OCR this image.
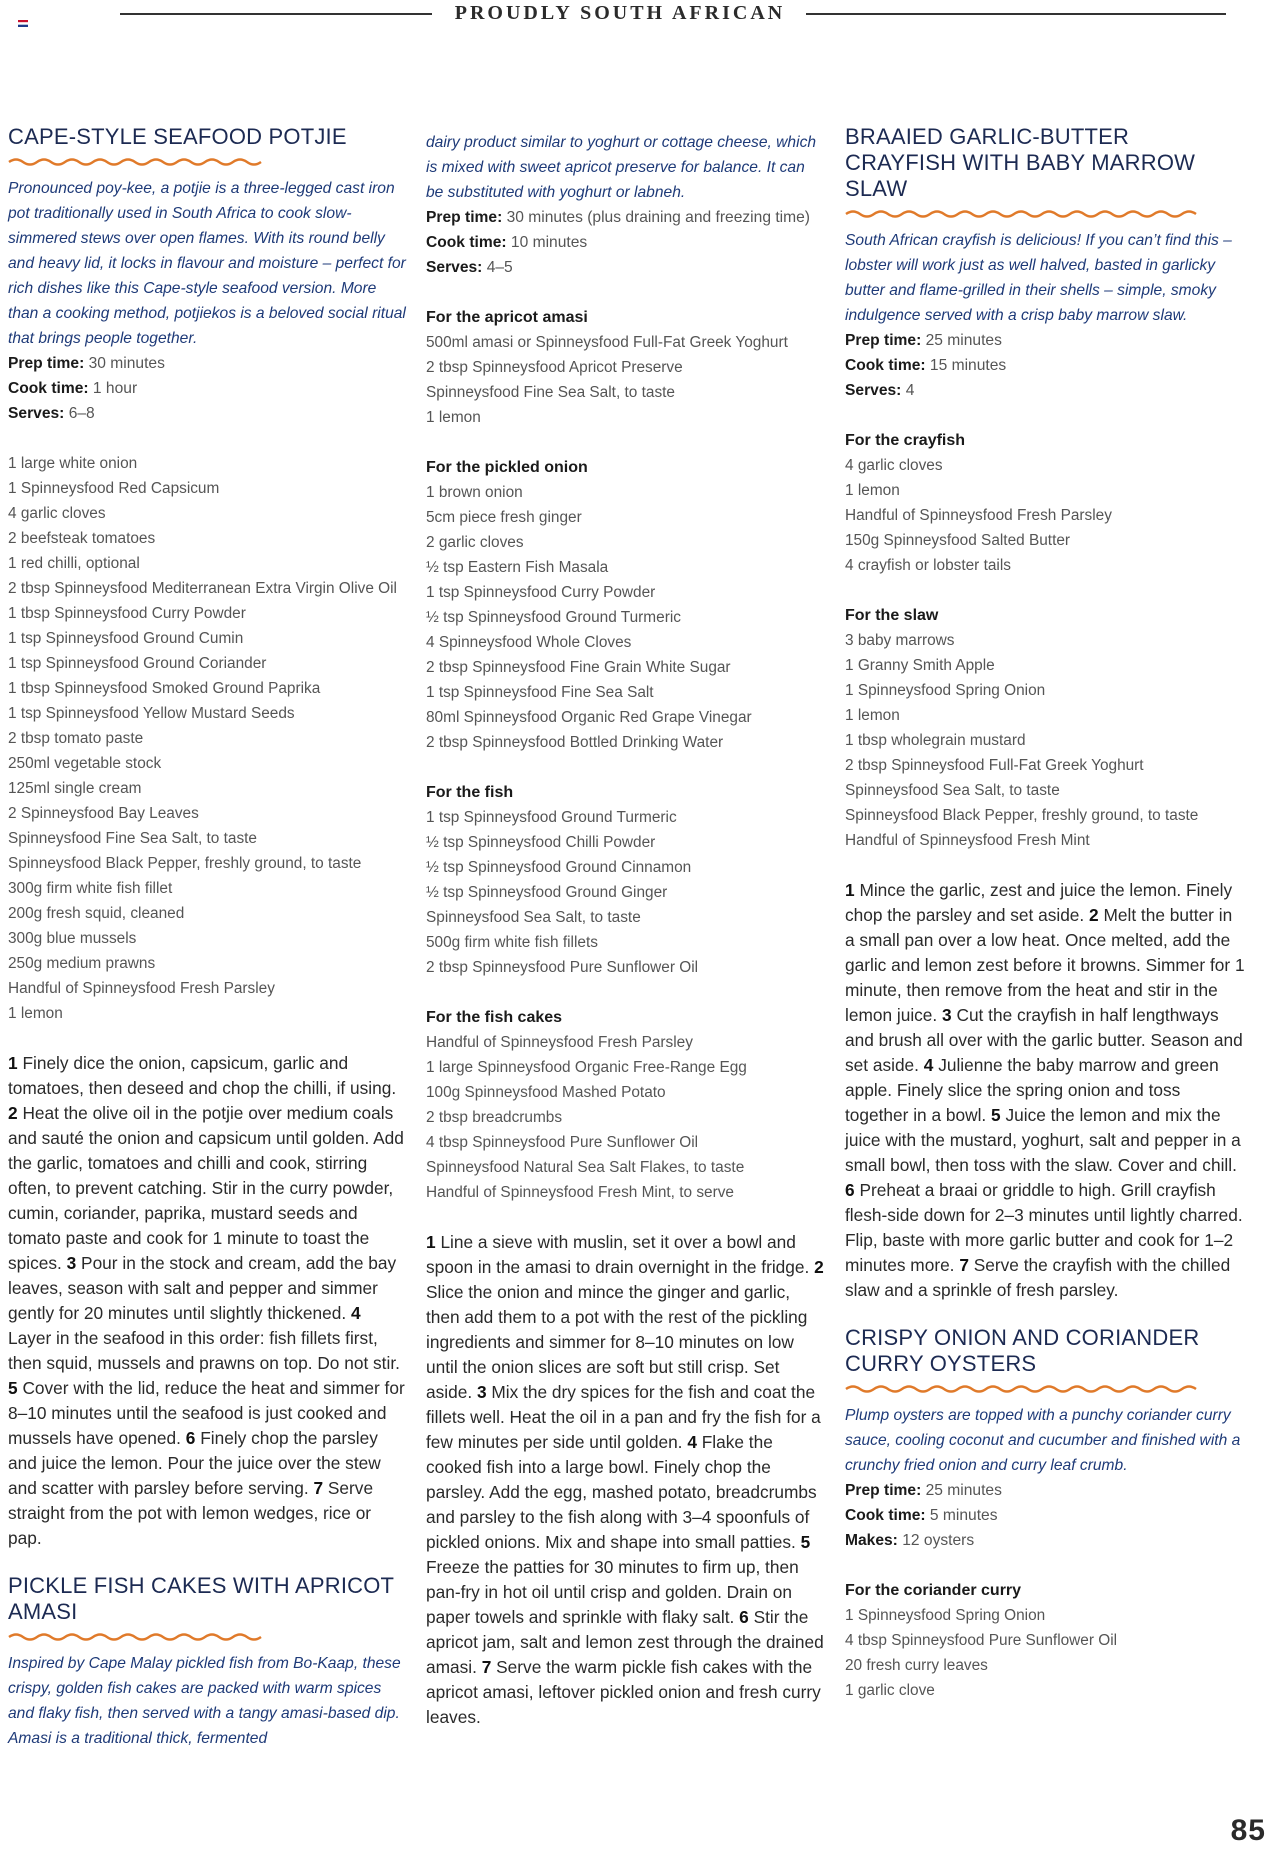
PROUDLY SOUTH AFRICAN
CAPE-STYLE SEAFOOD POTJIE

Pronounced poy-kee, a potjie is a three-legged cast iron pot traditionally used in South Africa to cook slow-simmered stews over open flames. With its round belly and heavy lid, it locks in flavour and moisture – perfect for rich dishes like this Cape-style seafood version. More than a cooking method, potjiekos is a beloved social ritual that brings people together.

Prep time: 30 minutes
Cook time: 1 hour
Serves: 6–8
1 large white onion
1 Spinneysfood Red Capsicum
4 garlic cloves
2 beefsteak tomatoes
1 red chilli, optional
2 tbsp Spinneysfood Mediterranean Extra Virgin Olive Oil
1 tbsp Spinneysfood Curry Powder
1 tsp Spinneysfood Ground Cumin
1 tsp Spinneysfood Ground Coriander
1 tbsp Spinneysfood Smoked Ground Paprika
1 tsp Spinneysfood Yellow Mustard Seeds
2 tbsp tomato paste
250ml vegetable stock
125ml single cream
2 Spinneysfood Bay Leaves
Spinneysfood Fine Sea Salt, to taste
Spinneysfood Black Pepper, freshly ground, to taste
300g firm white fish fillet
200g fresh squid, cleaned
300g blue mussels
250g medium prawns
Handful of Spinneysfood Fresh Parsley
1 lemon

1 Finely dice the onion, capsicum, garlic and tomatoes, then deseed and chop the chilli, if using. 2 Heat the olive oil in the potjie over medium coals and sauté the onion and capsicum until golden. Add the garlic, tomatoes and chilli and cook, stirring often, to prevent catching. Stir in the curry powder, cumin, coriander, paprika, mustard seeds and tomato paste and cook for 1 minute to toast the spices. 3 Pour in the stock and cream, add the bay leaves, season with salt and pepper and simmer gently for 20 minutes until slightly thickened. 4 Layer in the seafood in this order: fish fillets first, then squid, mussels and prawns on top. Do not stir. 5 Cover with the lid, reduce the heat and simmer for 8–10 minutes until the seafood is just cooked and mussels have opened. 6 Finely chop the parsley and juice the lemon. Pour the juice over the stew and scatter with parsley before serving. 7 Serve straight from the pot with lemon wedges, rice or pap.

PICKLE FISH CAKES WITH APRICOT AMASI

Inspired by Cape Malay pickled fish from Bo-Kaap, these crispy, golden fish cakes are packed with warm spices and flaky fish, then served with a tangy amasi-based dip. Amasi is a traditional thick, fermented

dairy product similar to yoghurt or cottage cheese, which is mixed with sweet apricot preserve for balance. It can be substituted with yoghurt or labneh.

Prep time: 30 minutes (plus draining and freezing time)
Cook time: 10 minutes
Serves: 4–5
For the apricot amasi
500ml amasi or Spinneysfood Full-Fat Greek Yoghurt
2 tbsp Spinneysfood Apricot Preserve
Spinneysfood Fine Sea Salt, to taste
1 lemon
For the pickled onion
1 brown onion
5cm piece fresh ginger
2 garlic cloves
½ tsp Eastern Fish Masala
1 tsp Spinneysfood Curry Powder
½ tsp Spinneysfood Ground Turmeric
4 Spinneysfood Whole Cloves
2 tbsp Spinneysfood Fine Grain White Sugar
1 tsp Spinneysfood Fine Sea Salt
80ml Spinneysfood Organic Red Grape Vinegar
2 tbsp Spinneysfood Bottled Drinking Water
For the fish
1 tsp Spinneysfood Ground Turmeric
½ tsp Spinneysfood Chilli Powder
½ tsp Spinneysfood Ground Cinnamon
½ tsp Spinneysfood Ground Ginger
Spinneysfood Sea Salt, to taste
500g firm white fish fillets
2 tbsp Spinneysfood Pure Sunflower Oil
For the fish cakes
Handful of Spinneysfood Fresh Parsley
1 large Spinneysfood Organic Free-Range Egg
100g Spinneysfood Mashed Potato
2 tbsp breadcrumbs
4 tbsp Spinneysfood Pure Sunflower Oil
Spinneysfood Natural Sea Salt Flakes, to taste
Handful of Spinneysfood Fresh Mint, to serve

1 Line a sieve with muslin, set it over a bowl and spoon in the amasi to drain overnight in the fridge. 2 Slice the onion and mince the ginger and garlic, then add them to a pot with the rest of the pickling ingredients and simmer for 8–10 minutes on low until the onion slices are soft but still crisp. Set aside. 3 Mix the dry spices for the fish and coat the fillets well. Heat the oil in a pan and fry the fish for a few minutes per side until golden. 4 Flake the cooked fish into a large bowl. Finely chop the parsley. Add the egg, mashed potato, breadcrumbs and parsley to the fish along with 3–4 spoonfuls of pickled onions. Mix and shape into small patties. 5 Freeze the patties for 30 minutes to firm up, then pan-fry in hot oil until crisp and golden. Drain on paper towels and sprinkle with flaky salt. 6 Stir the apricot jam, salt and lemon zest through the drained amasi. 7 Serve the warm pickle fish cakes with the apricot amasi, leftover pickled onion and fresh curry leaves.

BRAAIED GARLIC-BUTTER CRAYFISH WITH BABY MARROW SLAW

South African crayfish is delicious! If you can’t find this – lobster will work just as well halved, basted in garlicky butter and flame-grilled in their shells – simple, smoky indulgence served with a crisp baby marrow slaw.

Prep time: 25 minutes
Cook time: 15 minutes
Serves: 4
For the crayfish
4 garlic cloves
1 lemon
Handful of Spinneysfood Fresh Parsley
150g Spinneysfood Salted Butter
4 crayfish or lobster tails
For the slaw
3 baby marrows
1 Granny Smith Apple
1 Spinneysfood Spring Onion
1 lemon
1 tbsp wholegrain mustard
2 tbsp Spinneysfood Full-Fat Greek Yoghurt
Spinneysfood Sea Salt, to taste
Spinneysfood Black Pepper, freshly ground, to taste
Handful of Spinneysfood Fresh Mint

1 Mince the garlic, zest and juice the lemon. Finely chop the parsley and set aside. 2 Melt the butter in a small pan over a low heat. Once melted, add the garlic and lemon zest before it browns. Simmer for 1 minute, then remove from the heat and stir in the lemon juice. 3 Cut the crayfish in half lengthways and brush all over with the garlic butter. Season and set aside. 4 Julienne the baby marrow and green apple. Finely slice the spring onion and toss together in a bowl. 5 Juice the lemon and mix the juice with the mustard, yoghurt, salt and pepper in a small bowl, then toss with the slaw. Cover and chill. 6 Preheat a braai or griddle to high. Grill crayfish flesh-side down for 2–3 minutes until lightly charred. Flip, baste with more garlic butter and cook for 1–2 minutes more. 7 Serve the crayfish with the chilled slaw and a sprinkle of fresh parsley.

CRISPY ONION AND CORIANDER CURRY OYSTERS

Plump oysters are topped with a punchy coriander curry sauce, cooling coconut and cucumber and finished with a crunchy fried onion and curry leaf crumb.

Prep time: 25 minutes
Cook time: 5 minutes
Makes: 12 oysters
For the coriander curry
1 Spinneysfood Spring Onion
4 tbsp Spinneysfood Pure Sunflower Oil
20 fresh curry leaves
1 garlic clove
85
